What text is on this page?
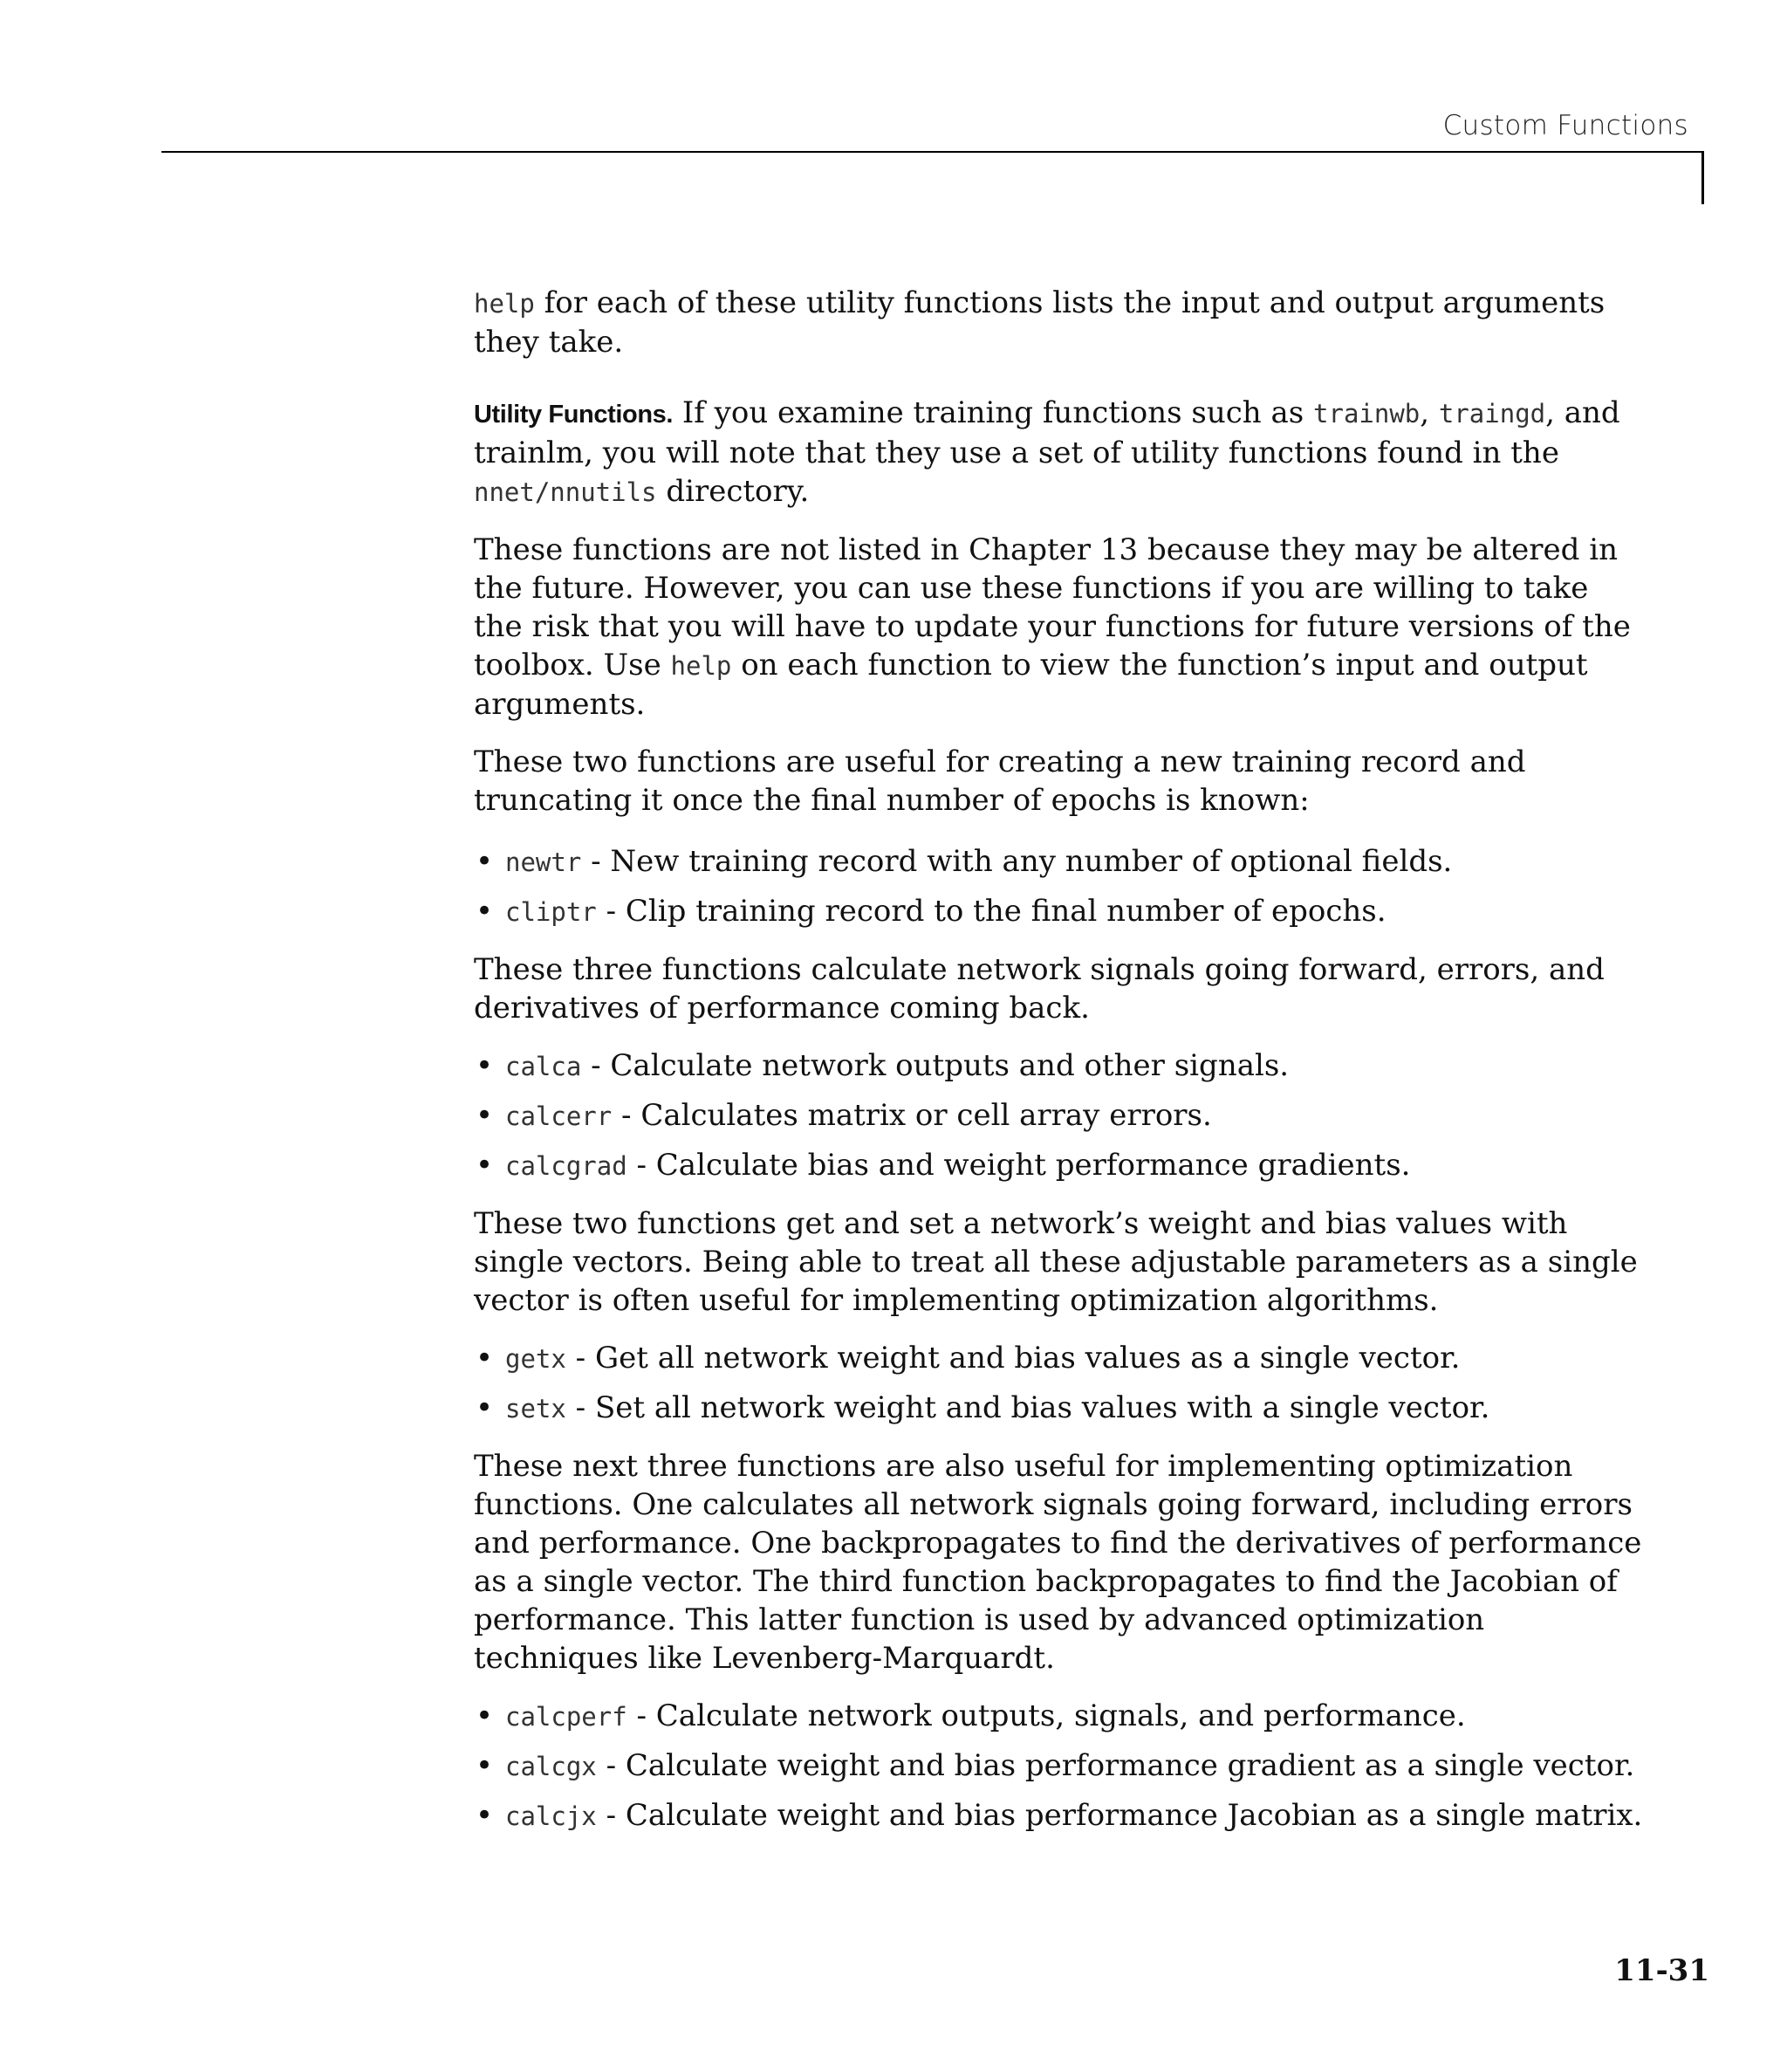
Custom Functions

help for each of these utility functions lists the input and output arguments they take.

Utility Functions. If you examine training functions such as trainwb, traingd, and trainlm, you will note that they use a set of utility functions found in the nnet/nnutils directory.

These functions are not listed in Chapter 13 because they may be altered in the future. However, you can use these functions if you are willing to take the risk that you will have to update your functions for future versions of the toolbox. Use help on each function to view the function’s input and output arguments.

These two functions are useful for creating a new training record and truncating it once the final number of epochs is known:

• newtr - New training record with any number of optional fields.
• cliptr - Clip training record to the final number of epochs.

These three functions calculate network signals going forward, errors, and derivatives of performance coming back.

• calca - Calculate network outputs and other signals.
• calcerr - Calculates matrix or cell array errors.
• calcgrad - Calculate bias and weight performance gradients.

These two functions get and set a network’s weight and bias values with single vectors. Being able to treat all these adjustable parameters as a single vector is often useful for implementing optimization algorithms.

• getx - Get all network weight and bias values as a single vector.
• setx - Set all network weight and bias values with a single vector.

These next three functions are also useful for implementing optimization functions. One calculates all network signals going forward, including errors and performance. One backpropagates to find the derivatives of performance as a single vector. The third function backpropagates to find the Jacobian of performance. This latter function is used by advanced optimization techniques like Levenberg-Marquardt.

• calcperf - Calculate network outputs, signals, and performance.
• calcgx - Calculate weight and bias performance gradient as a single vector.
• calcjx - Calculate weight and bias performance Jacobian as a single matrix.
11-31
